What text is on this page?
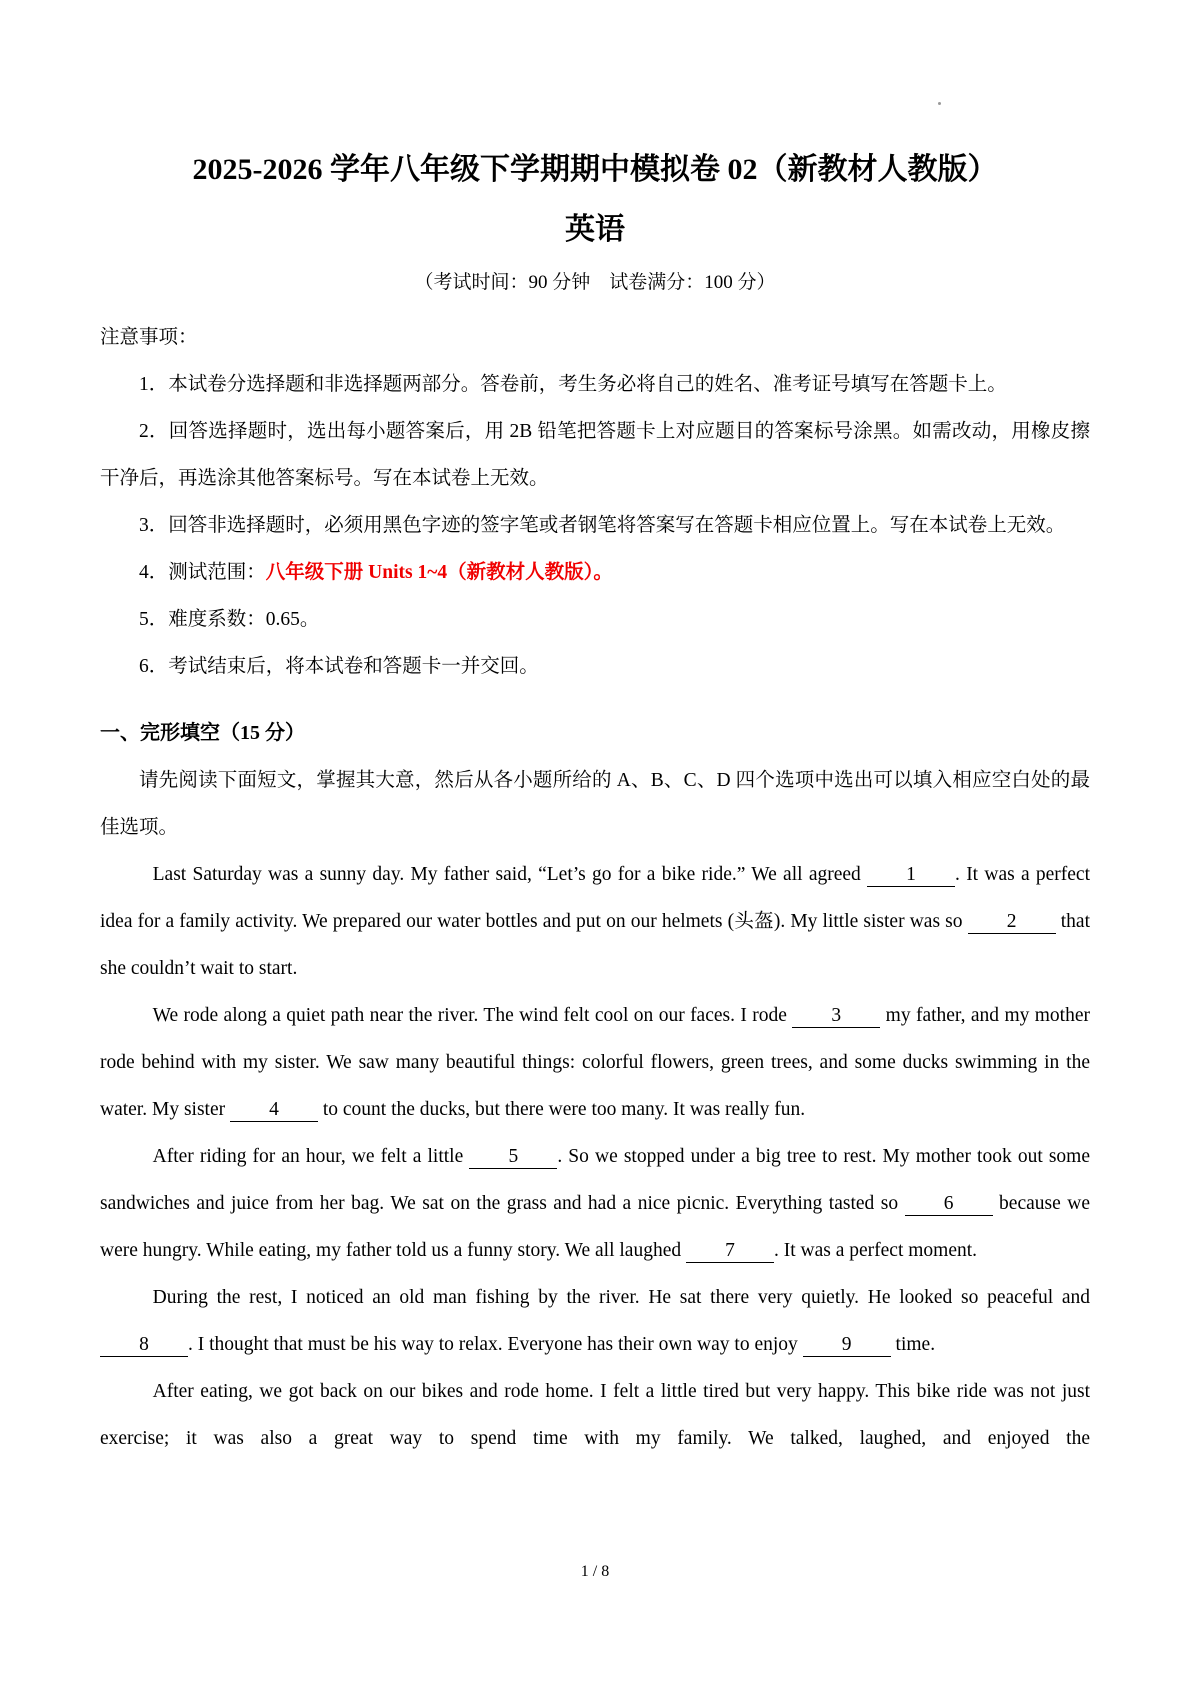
2025-2026 学年八年级下学期期中模拟卷 02（新教材人教版）

英语

（考试时间：90 分钟　试卷满分：100 分）

注意事项：

1．本试卷分选择题和非选择题两部分。答卷前，考生务必将自己的姓名、准考证号填写在答题卡上。

2．回答选择题时，选出每小题答案后，用 2B 铅笔把答题卡上对应题目的答案标号涂黑。如需改动，用橡皮擦干净后，再选涂其他答案标号。写在本试卷上无效。

3．回答非选择题时，必须用黑色字迹的签字笔或者钢笔将答案写在答题卡相应位置上。写在本试卷上无效。

4．测试范围：八年级下册 Units 1~4（新教材人教版）。

5．难度系数：0.65。

6．考试结束后，将本试卷和答题卡一并交回。

一、完形填空（15 分）

请先阅读下面短文，掌握其大意，然后从各小题所给的 A、B、C、D 四个选项中选出可以填入相应空白处的最佳选项。

Last Saturday was a sunny day. My father said, “Let’s go for a bike ride.” We all agreed 1 . It was a perfect idea for a family activity. We prepared our water bottles and put on our helmets (头盔). My little sister was so 2 that she couldn’t wait to start.

We rode along a quiet path near the river. The wind felt cool on our faces. I rode 3 my father, and my mother rode behind with my sister. We saw many beautiful things: colorful flowers, green trees, and some ducks swimming in the water. My sister 4 to count the ducks, but there were too many. It was really fun.

After riding for an hour, we felt a little 5 . So we stopped under a big tree to rest. My mother took out some sandwiches and juice from her bag. We sat on the grass and had a nice picnic. Everything tasted so 6 because we were hungry. While eating, my father told us a funny story. We all laughed 7 . It was a perfect moment.

During the rest, I noticed an old man fishing by the river. He sat there very quietly. He looked so peaceful and 8 . I thought that must be his way to relax. Everyone has their own way to enjoy 9 time.

After eating, we got back on our bikes and rode home. I felt a little tired but very happy. This bike ride was not just exercise; it was also a great way to spend time with my family. We talked, laughed, and enjoyed the

1 / 8
